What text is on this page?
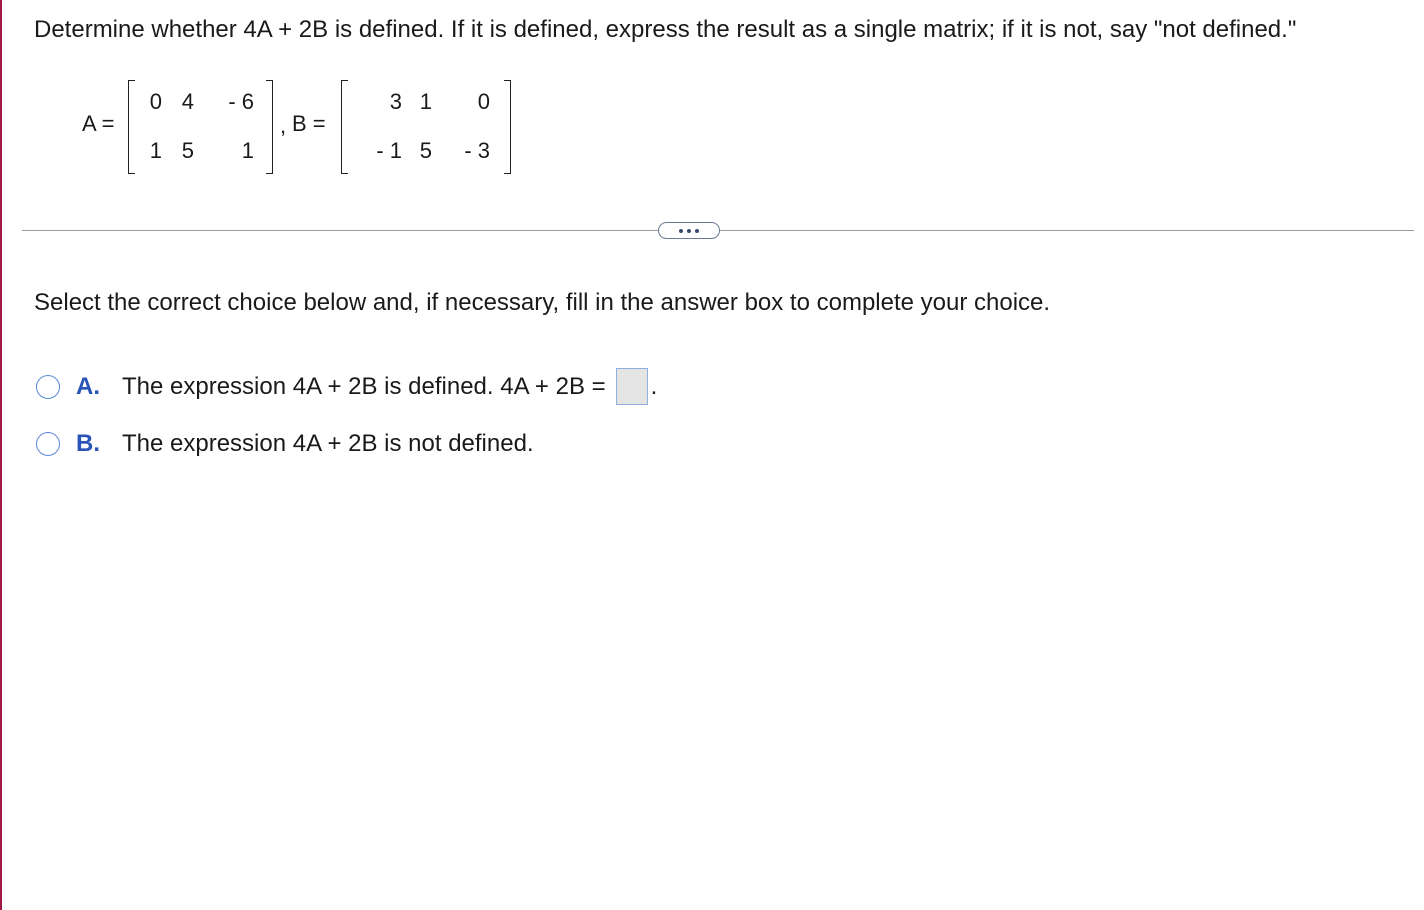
Determine whether 4A + 2B is defined. If it is defined, express the result as a single matrix; if it is not, say "not defined."
A =
0 4	- 6
1 5	1
, B =
3 1	0
- 1 5	- 3
Select the correct choice below and, if necessary, fill in the answer box to complete your choice.
A. The expression 4A + 2B is defined. 4A + 2B = .
B. The expression 4A + 2B is not defined.
